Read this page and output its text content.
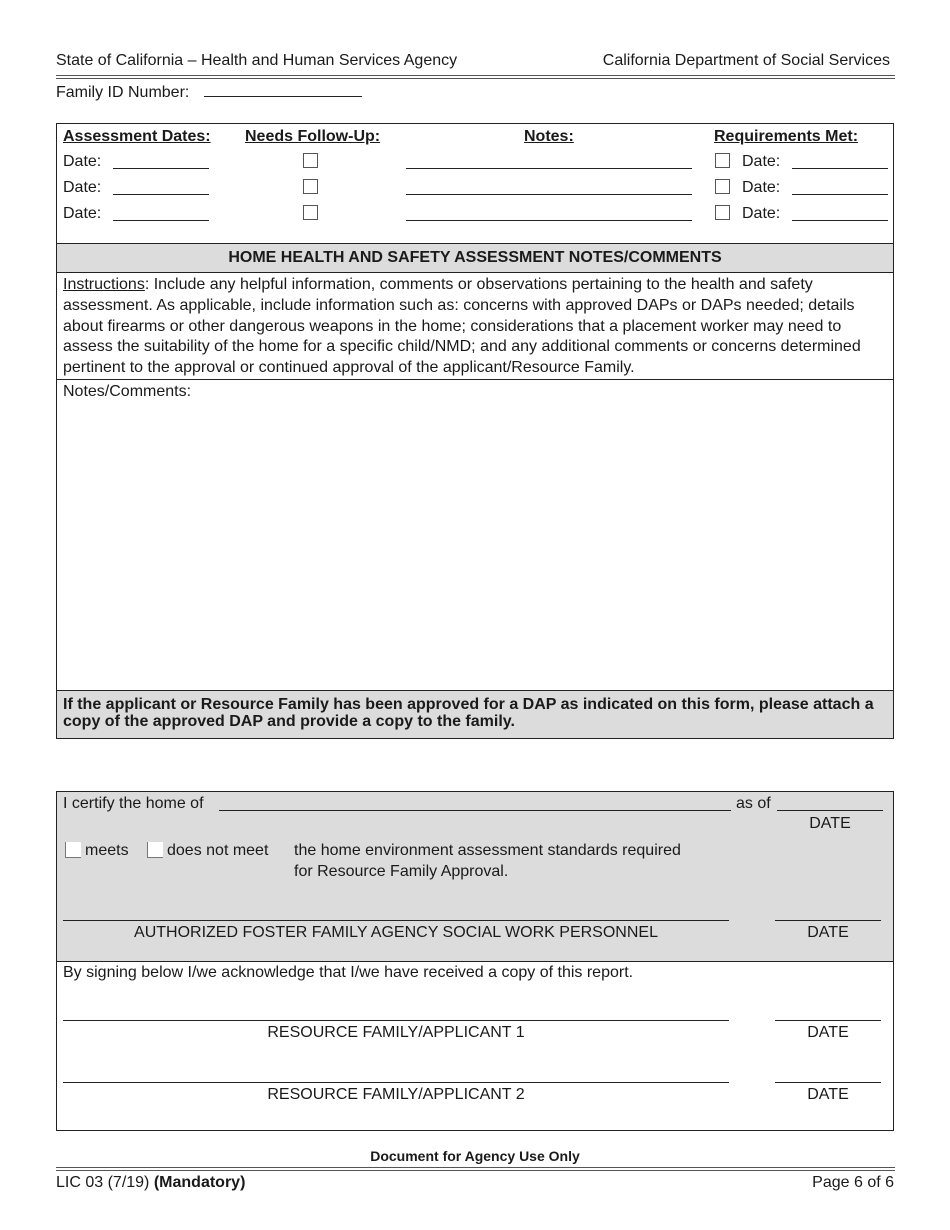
State of California – Health and Human Services Agency	California Department of Social Services
Family ID Number:
Assessment Dates: Needs Follow-Up:	Notes:	Requirements Met:
Date:	Date:
Date:	Date:
Date:	Date:
HOME HEALTH AND SAFETY ASSESSMENT NOTES/COMMENTS
Instructions: Include any helpful information, comments or observations pertaining to the health and safety assessment. As applicable, include information such as: concerns with approved DAPs or DAPs needed; details about firearms or other dangerous weapons in the home; considerations that a placement worker may need to assess the suitability of the home for a specific child/NMD; and any additional comments or concerns determined pertinent to the approval or continued approval of the applicant/Resource Family.
Notes/Comments:
If the applicant or Resource Family has been approved for a DAP as indicated on this form, please attach a copy of the approved DAP and provide a copy to the family.
I certify the home of	as of
DATE
meets does not meet the home environment assessment standards required
for Resource Family Approval.
AUTHORIZED FOSTER FAMILY AGENCY SOCIAL WORK PERSONNEL	DATE
By signing below I/we acknowledge that I/we have received a copy of this report.
RESOURCE FAMILY/APPLICANT 1	DATE
RESOURCE FAMILY/APPLICANT 2	DATE
Document for Agency Use Only
LIC 03 (7/19) (Mandatory)	Page 6 of 6
